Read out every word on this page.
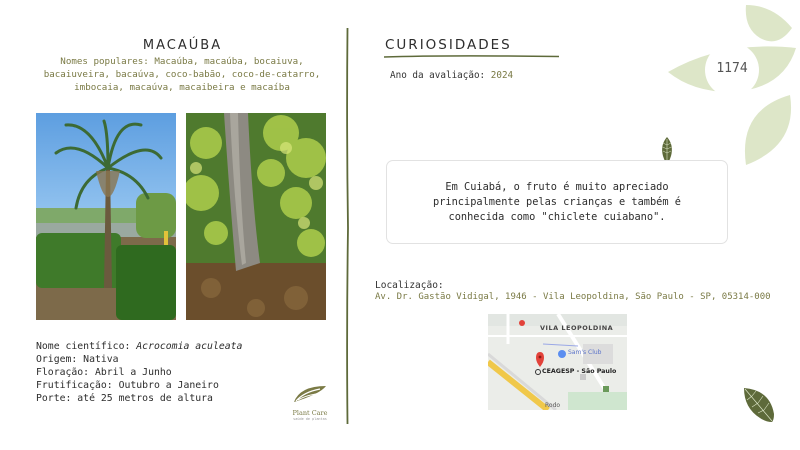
MACAÚBA
Nomes populares: Macaúba, macaúba, bocaiuva, bacaiuveira, bacaúva, coco-babão, coco-de-catarro, imbocaia, macaúva, macaibeira e macaíba
Nome científico: Acrocomia aculeata
Origem: Nativa
Floração: Abril a Junho
Frutificação: Outubro a Janeiro
Porte: até 25 metros de altura
Plant Care
saúde de plantas
CURIOSIDADES
Ano da avaliação: 2024	1174
Em Cuiabá, o fruto é muito apreciado principalmente pelas crianças e também é conhecida como "chiclete cuiabano".
Localização:
Av. Dr. Gastão Vidigal, 1946 - Vila Leopoldina, São Paulo - SP, 05314-000
VILA LEOPOLDINA
Sam's Club
CEAGESP - São Paulo
Rodo
